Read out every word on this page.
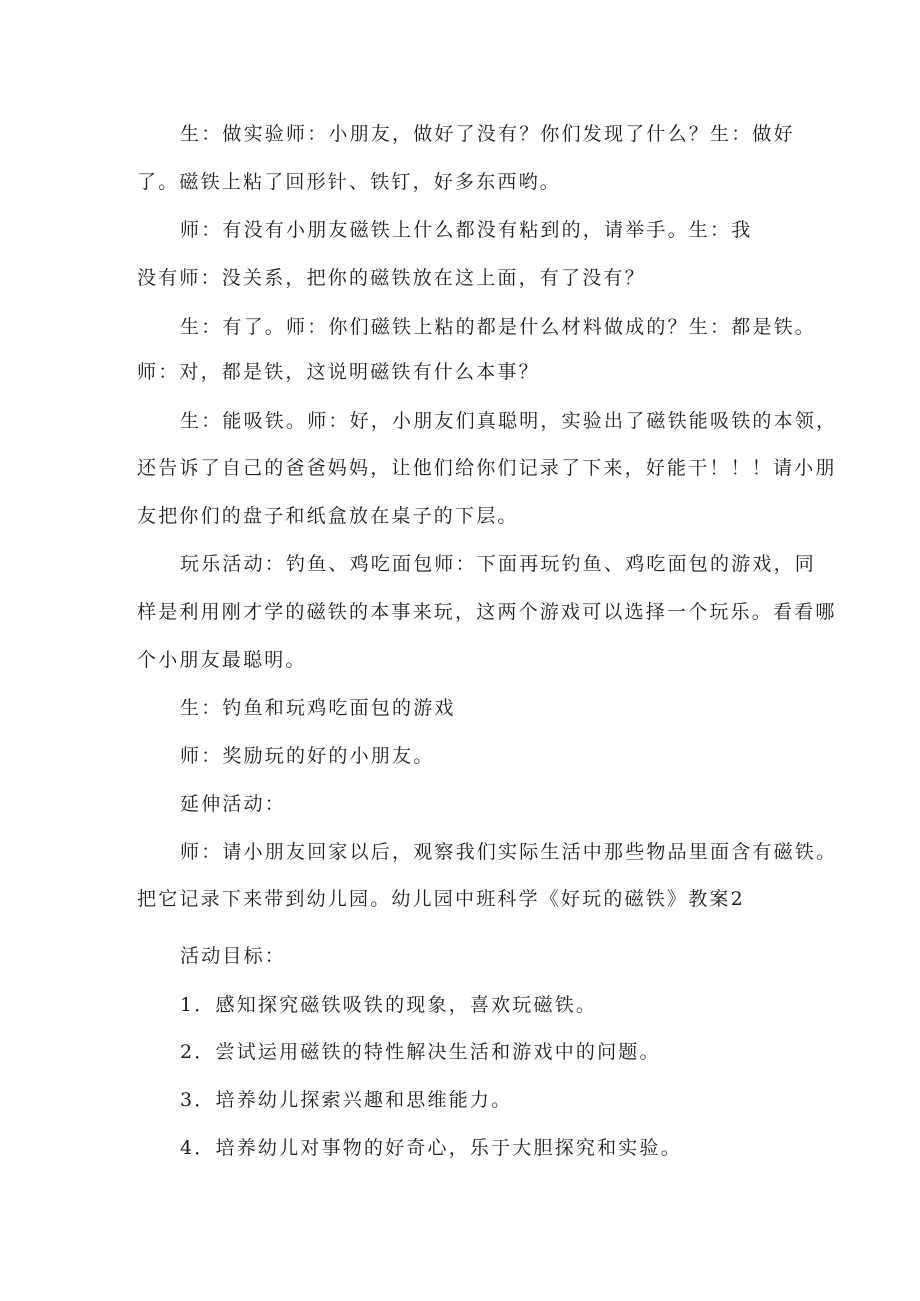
生：做实验师：小朋友，做好了没有？你们发现了什么？生：做好
了。磁铁上粘了回形针、铁钉，好多东西哟。
师：有没有小朋友磁铁上什么都没有粘到的，请举手。生：我
没有师：没关系，把你的磁铁放在这上面，有了没有？
生：有了。师：你们磁铁上粘的都是什么材料做成的？生：都是铁。
师：对，都是铁，这说明磁铁有什么本事？
生：能吸铁。师：好，小朋友们真聪明，实验出了磁铁能吸铁的本领，
还告诉了自己的爸爸妈妈，让他们给你们记录了下来，好能干！！！请小朋
友把你们的盘子和纸盒放在桌子的下层。
玩乐活动：钓鱼、鸡吃面包师：下面再玩钓鱼、鸡吃面包的游戏，同
样是利用刚才学的磁铁的本事来玩，这两个游戏可以选择一个玩乐。看看哪
个小朋友最聪明。
生：钓鱼和玩鸡吃面包的游戏
师：奖励玩的好的小朋友。
延伸活动：
师：请小朋友回家以后，观察我们实际生活中那些物品里面含有磁铁。
把它记录下来带到幼儿园。幼儿园中班科学《好玩的磁铁》教案2
活动目标：
1．感知探究磁铁吸铁的现象，喜欢玩磁铁。
2．尝试运用磁铁的特性解决生活和游戏中的问题。
3．培养幼儿探索兴趣和思维能力。
4．培养幼儿对事物的好奇心，乐于大胆探究和实验。
